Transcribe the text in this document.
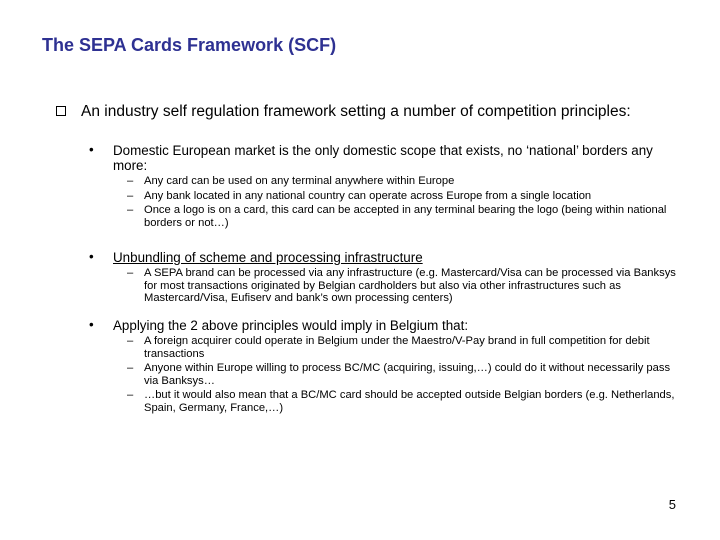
The SEPA Cards Framework (SCF)
An industry self regulation framework setting a number of competition principles:
• Domestic European market is the only domestic scope that exists, no ‘national’ borders any more:
– Any card can be used on any terminal anywhere within Europe
– Any bank located in any national country can operate across Europe from a single location
– Once a logo is on a card, this card can be accepted in any terminal bearing the logo (being within national borders or not…)
• Unbundling of scheme and processing infrastructure
– A SEPA brand can be processed via any infrastructure (e.g. Mastercard/Visa can be processed via Banksys for most transactions originated by Belgian cardholders but also via other infrastructures such as Mastercard/Visa, Eufiserv and bank’s own processing centers)
• Applying the 2 above principles would imply in Belgium that:
– A foreign acquirer could operate in Belgium under the Maestro/V-Pay brand in full competition for debit transactions
– Anyone within Europe willing to process BC/MC (acquiring, issuing,…) could do it without necessarily pass via Banksys…
– …but it would also mean that a BC/MC card should be accepted outside Belgian borders (e.g. Netherlands, Spain, Germany, France,…)
5
